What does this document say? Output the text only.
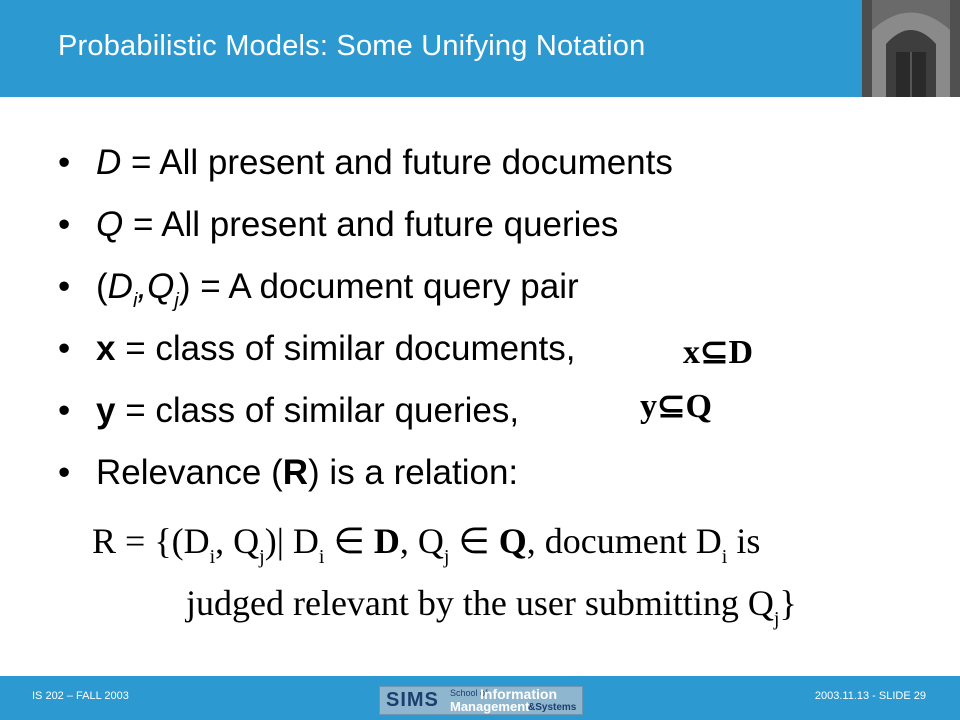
Probabilistic Models: Some Unifying Notation
• D = All present and future documents
• Q = All present and future queries
• $(D_i,Q_j) = A$ document query pair
• x = class of similar documents,
• y = class of similar queries,
• Relevance (R) is a relation:
x⊆D
y⊆Q
$R = \{(D_i$, $Q_j)|$ $D_i$ ∈ D, $Q_j$ ∈ Q, document $D_i$ is
judged relevant by the user submitting $Q_j$}
IS 202 – FALL 2003	SIMS School of
Information
Management
&Systems
2003.11.13 - SLIDE 29
